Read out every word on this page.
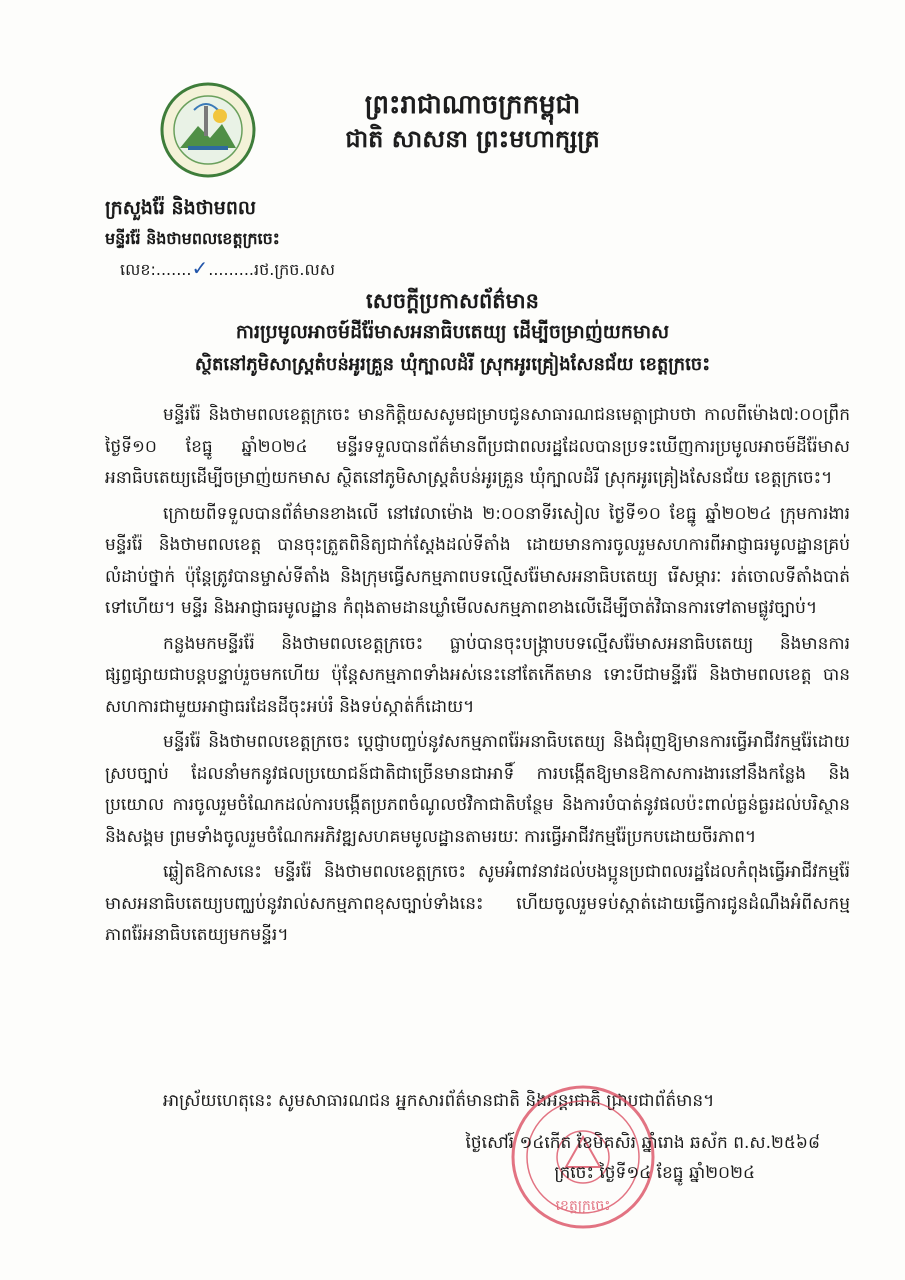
ព្រះរាជាណាចក្រកម្ពុជា
ជាតិ សាសនា ព្រះមហាក្សត្រ
ក្រសួងរ៉ែ និងថាមពល
មន្ទីររ៉ែ និងថាមពលខេត្តក្រចេះ
លេខ:.......✓.........រថ.ក្រច.លស
សេចក្តីប្រកាសព័ត៌មាន
ការប្រមូលអាចម៍ដីរ៉ែមាសអនាធិបតេយ្យ ដើម្បីចម្រាញ់យកមាស
ស្ថិតនៅភូមិសាស្ត្រតំបន់អូរគ្រួន ឃុំក្បាលដំរី ស្រុកអូរគ្រៀងសែនជ័យ ខេត្តក្រចេះ

មន្ទីររ៉ែ និងថាមពលខេត្តក្រចេះ មានកិត្តិយសសូមជម្រាបជូនសាធារណជនមេត្តាជ្រាបថា កាលពីម៉ោង៧:០០ព្រឹកថ្ងៃទី១០ ខែធ្នូ ឆ្នាំ២០២៤ មន្ទីរទទួលបានព័ត៌មានពីប្រជាពលរដ្ឋដែលបានប្រទះឃើញការប្រមូលអាចម៍ដីរ៉ែមាសអនាធិបតេយ្យដើម្បីចម្រាញ់យកមាស ស្ថិតនៅភូមិសាស្ត្រតំបន់អូរគ្រួន ឃុំក្បាលដំរី ស្រុកអូរគ្រៀងសែនជ័យ ខេត្តក្រចេះ។

ក្រោយពីទទួលបានព័ត៌មានខាងលើ នៅវេលាម៉ោង ២:០០នាទីរសៀល ថ្ងៃទី១០ ខែធ្នូ ឆ្នាំ២០២៤ ក្រុមការងារមន្ទីររ៉ែ និងថាមពលខេត្ត បានចុះត្រួតពិនិត្យជាក់ស្តែងដល់ទីតាំង ដោយមានការចូលរួមសហការពីអាជ្ញាធរមូលដ្ឋានគ្រប់លំដាប់ថ្នាក់ ប៉ុន្តែត្រូវបានម្ចាស់ទីតាំង និងក្រុមធ្វើសកម្មភាពបទល្មើសរ៉ែមាសអនាធិបតេយ្យ រើសម្ភារៈ រត់ចោលទីតាំងបាត់ទៅហើយ។ មន្ទីរ និងអាជ្ញាធរមូលដ្ឋាន កំពុងតាមដានឃ្លាំមើលសកម្មភាពខាងលើដើម្បីចាត់វិធានការទៅតាមផ្លូវច្បាប់។

កន្លងមកមន្ទីររ៉ែ និងថាមពលខេត្តក្រចេះ ធ្លាប់បានចុះបង្ក្រាបបទល្មើសរ៉ែមាសអនាធិបតេយ្យ និងមានការផ្សព្វផ្សាយជាបន្តបន្ទាប់រួចមកហើយ ប៉ុន្តែសកម្មភាពទាំងអស់នេះនៅតែកើតមាន ទោះបីជាមន្ទីររ៉ែ និងថាមពលខេត្ត បានសហការជាមួយអាជ្ញាធរដែនដីចុះអប់រំ និងទប់ស្កាត់ក៏ដោយ។

មន្ទីររ៉ែ និងថាមពលខេត្តក្រចេះ ប្តេជ្ញាបញ្ចប់នូវសកម្មភាពរ៉ែអនាធិបតេយ្យ និងជំរុញឱ្យមានការធ្វើអាជីវកម្មរ៉ែដោយស្របច្បាប់ ដែលនាំមកនូវផលប្រយោជន៍ជាតិជាច្រើនមានជាអាទិ៍ ការបង្កើតឱ្យមានឱកាសការងារនៅនឹងកន្លែង និងប្រយោល ការចូលរួមចំណែកដល់ការបង្កើតប្រភពចំណូលថវិកាជាតិបន្ថែម និងការបំបាត់នូវផលប៉ះពាល់ធ្ងន់ធ្ងរដល់បរិស្ថាន និងសង្គម ព្រមទាំងចូលរួមចំណែកអភិវឌ្ឍសហគមមូលដ្ឋានតាមរយៈ ការធ្វើអាជីវកម្មរ៉ែប្រកបដោយចីរភាព។

ឆ្លៀតឱកាសនេះ មន្ទីររ៉ែ និងថាមពលខេត្តក្រចេះ សូមអំពាវនាវដល់បងប្អូនប្រជាពលរដ្ឋដែលកំពុងធ្វើអាជីវកម្មរ៉ែមាសអនាធិបតេយ្យបញ្ឈប់នូវរាល់សកម្មភាពខុសច្បាប់ទាំងនេះ ហើយចូលរួមទប់ស្កាត់ដោយធ្វើការជូនដំណឹងអំពីសកម្មភាពរ៉ែអនាធិបតេយ្យមកមន្ទីរ។

អាស្រ័យហេតុនេះ សូមសាធារណជន អ្នកសារព័ត៌មានជាតិ និងអន្តរជាតិ ជ្រាបជាព័ត៌មាន។
ខេត្តក្រចេះ
ថ្ងៃសៅរ៍ ១៤កើត ខែមិគសិរ ឆ្នាំរោង ឆស័ក ព.ស.២៥៦៨
ក្រចេះ ថ្ងៃទី១៤ ខែធ្នូ ឆ្នាំ២០២៤
